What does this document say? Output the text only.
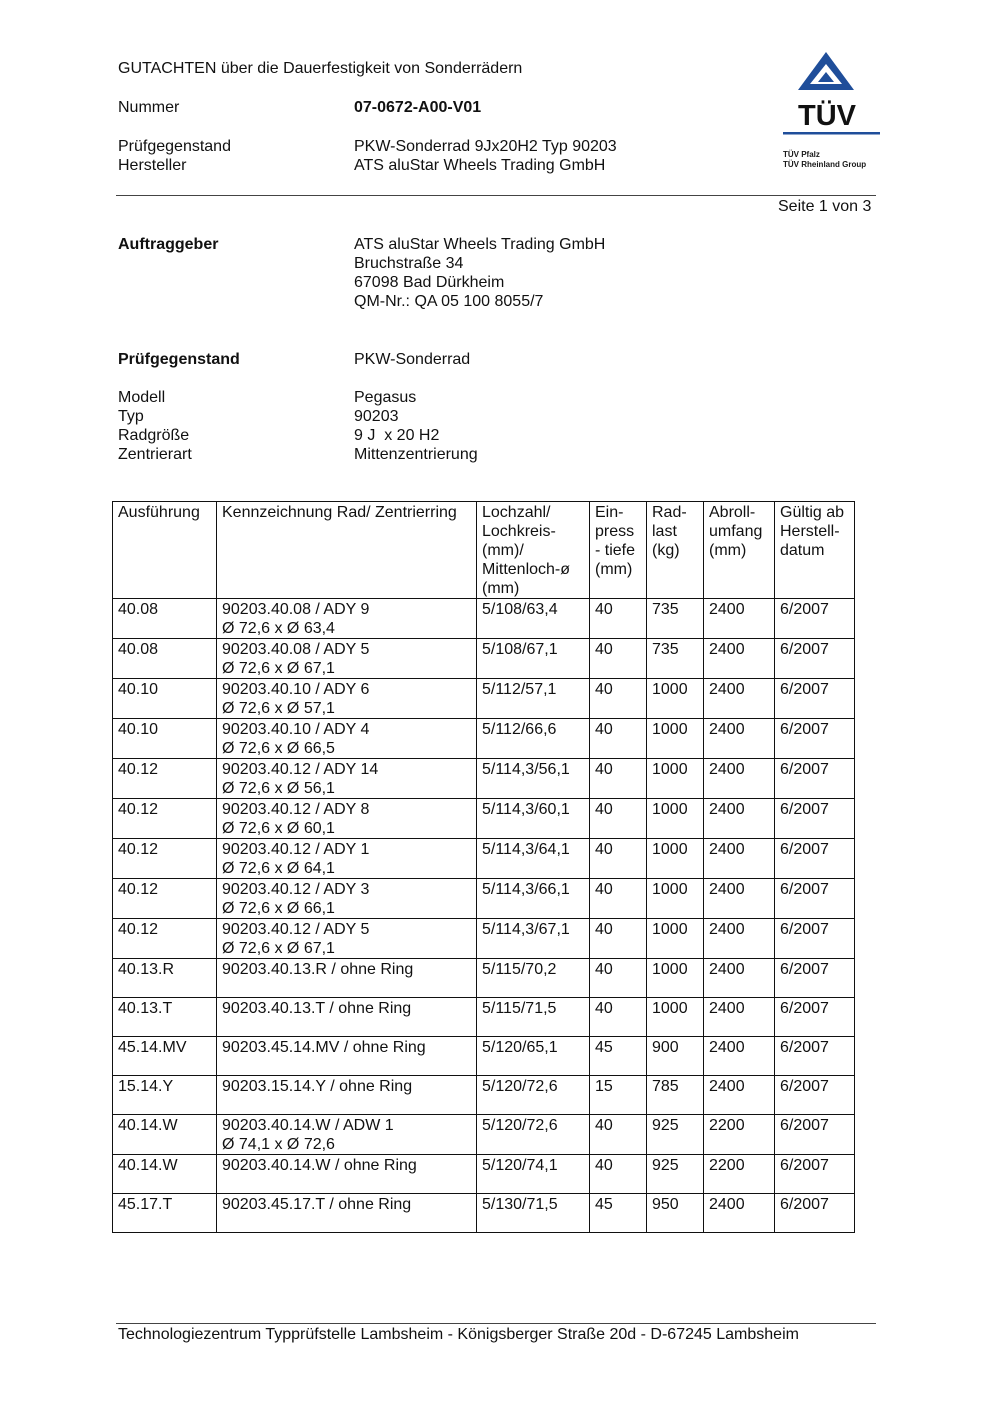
GUTACHTEN über die Dauerfestigkeit von Sonderrädern
Nummer	07-0672-A00-V01
Prüfgegenstand	PKW-Sonderrad 9Jx20H2 Typ 90203
Hersteller	ATS aluStar Wheels Trading GmbH
TÜV
TÜV Pfalz
TÜV Rheinland Group
Seite 1 von 3
Auftraggeber	ATS aluStar Wheels Trading GmbH
Bruchstraße 34
67098 Bad Dürkheim
QM-Nr.: QA 05 100 8055/7
Prüfgegenstand	PKW-Sonderrad
Modell	Pegasus
Typ	90203
Radgröße	9 J  x 20 H2
Zentrierart	Mittenzentrierung
Ausführung	Kennzeichnung Rad/ Zentrierring	Lochzahl/
Lochkreis-
(mm)/
Mittenloch-ø
(mm)	Ein-
press
- tiefe
(mm)	Rad-
last
(kg)	Abroll-
umfang
(mm)	Gültig ab
Herstell-
datum

40.08	90203.40.08 / ADY 9
Ø 72,6 x Ø 63,4	5/108/63,4	40	735	2400	6/2007

40.08	90203.40.08 / ADY 5
Ø 72,6 x Ø 67,1	5/108/67,1	40	735	2400	6/2007

40.10	90203.40.10 / ADY 6
Ø 72,6 x Ø 57,1	5/112/57,1	40	1000	2400	6/2007

40.10	90203.40.10 / ADY 4
Ø 72,6 x Ø 66,5	5/112/66,6	40	1000	2400	6/2007

40.12	90203.40.12 / ADY 14
Ø 72,6 x Ø 56,1	5/114,3/56,1	40	1000	2400	6/2007

40.12	90203.40.12 / ADY 8
Ø 72,6 x Ø 60,1	5/114,3/60,1	40	1000	2400	6/2007

40.12	90203.40.12 / ADY 1
Ø 72,6 x Ø 64,1	5/114,3/64,1	40	1000	2400	6/2007

40.12	90203.40.12 / ADY 3
Ø 72,6 x Ø 66,1	5/114,3/66,1	40	1000	2400	6/2007

40.12	90203.40.12 / ADY 5
Ø 72,6 x Ø 67,1	5/114,3/67,1	40	1000	2400	6/2007

40.13.R	90203.40.13.R / ohne Ring	5/115/70,2	40	1000	2400	6/2007

40.13.T	90203.40.13.T / ohne Ring	5/115/71,5	40	1000	2400	6/2007

45.14.MV	90203.45.14.MV / ohne Ring	5/120/65,1	45	900	2400	6/2007

15.14.Y	90203.15.14.Y / ohne Ring	5/120/72,6	15	785	2400	6/2007

40.14.W	90203.40.14.W / ADW 1
Ø 74,1 x Ø 72,6	5/120/72,6	40	925	2200	6/2007

40.14.W	90203.40.14.W / ohne Ring	5/120/74,1	40	925	2200	6/2007

45.17.T	90203.45.17.T / ohne Ring	5/130/71,5	45	950	2400	6/2007
Technologiezentrum Typprüfstelle Lambsheim - Königsberger Straße 20d - D-67245 Lambsheim
